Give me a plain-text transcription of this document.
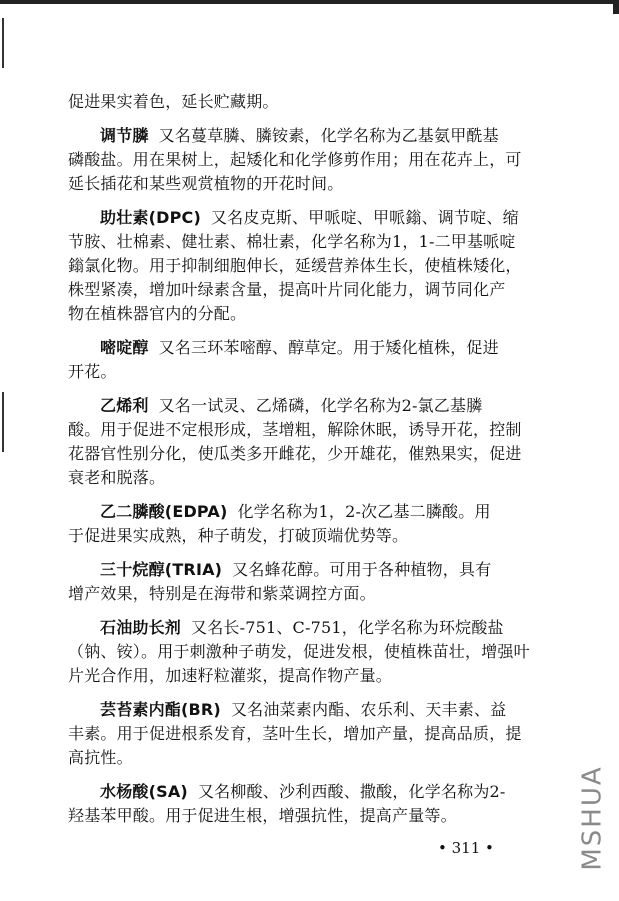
促进果实着色，延长贮藏期。
调节膦 又名蔓草膦、膦铵素，化学名称为乙基氨甲酰基
磷酸盐。用在果树上，起矮化和化学修剪作用；用在花卉上，可
延长插花和某些观赏植物的开花时间。
助壮素(DPC) 又名皮克斯、甲哌啶、甲哌鎓、调节啶、缩
节胺、壮棉素、健壮素、棉壮素，化学名称为1，1-二甲基哌啶
鎓氯化物。用于抑制细胞伸长，延缓营养体生长，使植株矮化，
株型紧凑，增加叶绿素含量，提高叶片同化能力，调节同化产
物在植株器官内的分配。
嘧啶醇 又名三环苯嘧醇、醇草定。用于矮化植株，促进
开花。
乙烯利 又名一试灵、乙烯磷，化学名称为2-氯乙基膦
酸。用于促进不定根形成，茎增粗，解除休眠，诱导开花，控制
花器官性别分化，使瓜类多开雌花，少开雄花，催熟果实，促进
衰老和脱落。
乙二膦酸(EDPA) 化学名称为1，2-次乙基二膦酸。用
于促进果实成熟，种子萌发，打破顶端优势等。
三十烷醇(TRIA) 又名蜂花醇。可用于各种植物，具有
增产效果，特别是在海带和紫菜调控方面。
石油助长剂 又名长-751、C-751，化学名称为环烷酸盐
（钠、铵）。用于刺激种子萌发，促进发根，使植株苗壮，增强叶
片光合作用，加速籽粒灌浆，提高作物产量。
芸苔素内酯(BR) 又名油菜素内酯、农乐利、天丰素、益
丰素。用于促进根系发育，茎叶生长，增加产量，提高品质，提
高抗性。
水杨酸(SA) 又名柳酸、沙利西酸、撒酸，化学名称为2-
羟基苯甲酸。用于促进生根，增强抗性，提高产量等。
• 311 •	MSHUA
